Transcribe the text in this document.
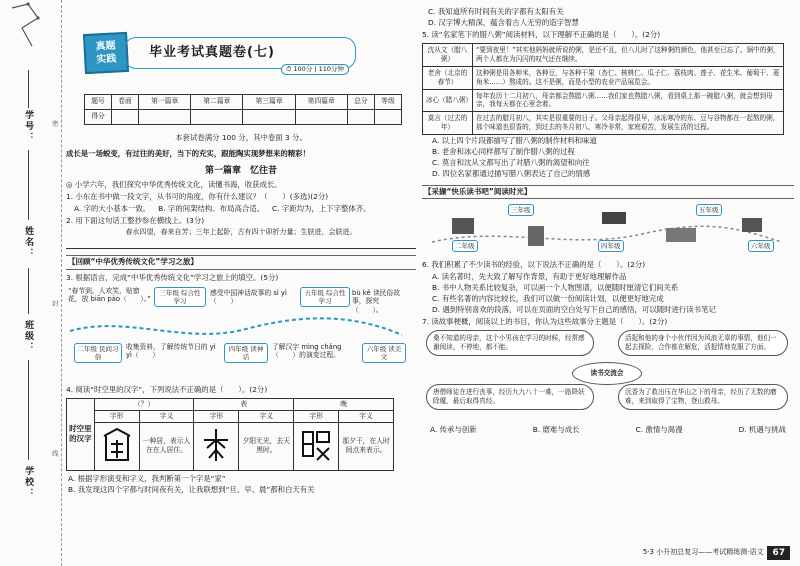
学号：
姓名：
班级：
学校：
密
封
线
真题
实践 毕业考试真题卷(七)
⏱ 100分 | 110分钟
题号	卷面	第一篇章	第二篇章	第三篇章	第四篇章	总分	等级
得分							
本套试卷满分 100 分，其中卷面 3 分。
成长是一场蜕变，有过往的美好，当下的充实，跟能陶实现梦想来的精彩！
第一篇章　忆往昔
◎ 小学六年，我们探究中华优秀传统文化，读懂书海，收获成长。
1. 小东在书中做一段文字，从书可的角度，你有什么建议？（　　）(多选)(2分)
A. 字的大小基本一致。 B. 字的间架结构、布局高合适。 C. 字距均为，上下字整体齐。
2. 用下面这句话工整抄参在横线上。(3分)
春水四望，春来自芳；三年上起卧，古有四十卯折力量；生肤进，会肤进。
【回顾“中华优秀传统文化”学习之旅】
3. 根据语言，完成“中华优秀传统文化”学习之旅上的填空。(5分)
“春节到，人欢笑，贴窗花，放 biān pào（　　）。”
三年级 综合性学习
感受中国神话故事的 sì yì（　　）
五年级 综合性学习
bù kě 读民俗故事，探究（　　）。
二年级 民间习俗
收集资料，了解传统节日的 yì yì（　　）
四年级 读神话
了解汉字 mìng chǎng（　　）的演变过程。
六年级 读美文
4. 阅读“时空里的汉字”，下列说法不正确的是（　　）。(2分)
时空里的汉字	（？）		表		晚	
	字形	字义	字形	字义	字形	字义
	一种居，表示人在在人居住。		夕阳无光，去天黑时。		那夕干，在人时间点来表示。
A. 根据字形演变和字义，我判断第一个字是“家”
B. 我发现这四个字都与时间夜有关，让我联想到“旦、早、晨”都和白天有关
C. 我知道所有时间有关的字都有太阳有关
D. 汉字博大精深，蕴含着古人无穷的造字智慧
5. 读“名家笔下的腊八粥”阅读材料，以下理解不正确的是（　　）。(2分)
沈从文（腊八粥）	“要到夜里！”其实他妈妈就所说的粥，是还不且，但八儿时了这种粥的颜色，他甚至已忘了。锅中的粥，两个人都在为闪闪的叹气还在继续。
老舍（北京的春节）	这种粥是用各种米，各种豆，与各种干果（杏仁、核桃仁、瓜子仁、荔枝肉、莲子、花生米、葡萄干、菱角米……）熬成的。这不是粥，而是小型的农业产品展览会。
冰心（腊八粥）	每年农历十二月初八，母亲都会熬腊八粥……我们家也熬腊八粥，看到桌上那一碗腊八粥，就会想到母亲，我每天都在心里念着。
莫言（过去的年）	在过去的腊月初八，其实是很重要的日子。父母亲起得很早，冰冻寒冷的东、豆与谷物都在一起熬的粥，那个味道也很香的，到过去的冬月初八，寒冷非常，家庭艰苦，发展生活的过程。
A. 以上四个片段都描写了腊八粥的制作材料和味道
B. 老舍和冰心同样都写了制作腊八粥的过程
C. 莫言和沈从文都写出了对腊八粥的渴望和向往
D. 四位名家都通过描写腊八粥表达了自己的情感
【采撷“快乐读书吧”阅读时光】
三年级	五年级
二年级	四年级	六年级
6. 我们积累了不少读书的经验，以下说法不正确的是（　　）。(2分)
A. 读名著时，先大致了解写作背景，有助于更好地理解作品
B. 书中人物关系比较复杂，可以画一个人物图谱，以便随时厘清它们间关系
C. 有些名著的内容比较长，我们可以做一份阅读计划，以便更好地完成
D. 遇到特别喜欢的段落，可以在页面的空白处写下自己的感悟，可以随时进行读书笔记
7. 读故事梗概，阅读以上的书目，你认为这些故事分主题是（　　）。(2分)
桑不知道的母亲，这个小男孩在学习的时候，经常感谢阅读，不停地，都不能。
活捉和他的身个小伙伴因为风浪无辜的事情，他们一起去探险，合作都在解危，活捉情地克服了方面。
读书交流会
唐僧师徒在进行丧事，经历九九八十一难，一路降妖除魔，最后取得真经。
沉香为了救出压在华山之下的母亲，经历了无数的磨难，来到取得了宝物，登山救母。
A. 传承与创新	B. 磨难与成长	C. 激情与渴漫	D. 机遇与挑战
5·3 小升初总复习——考试精练测·语文	67
